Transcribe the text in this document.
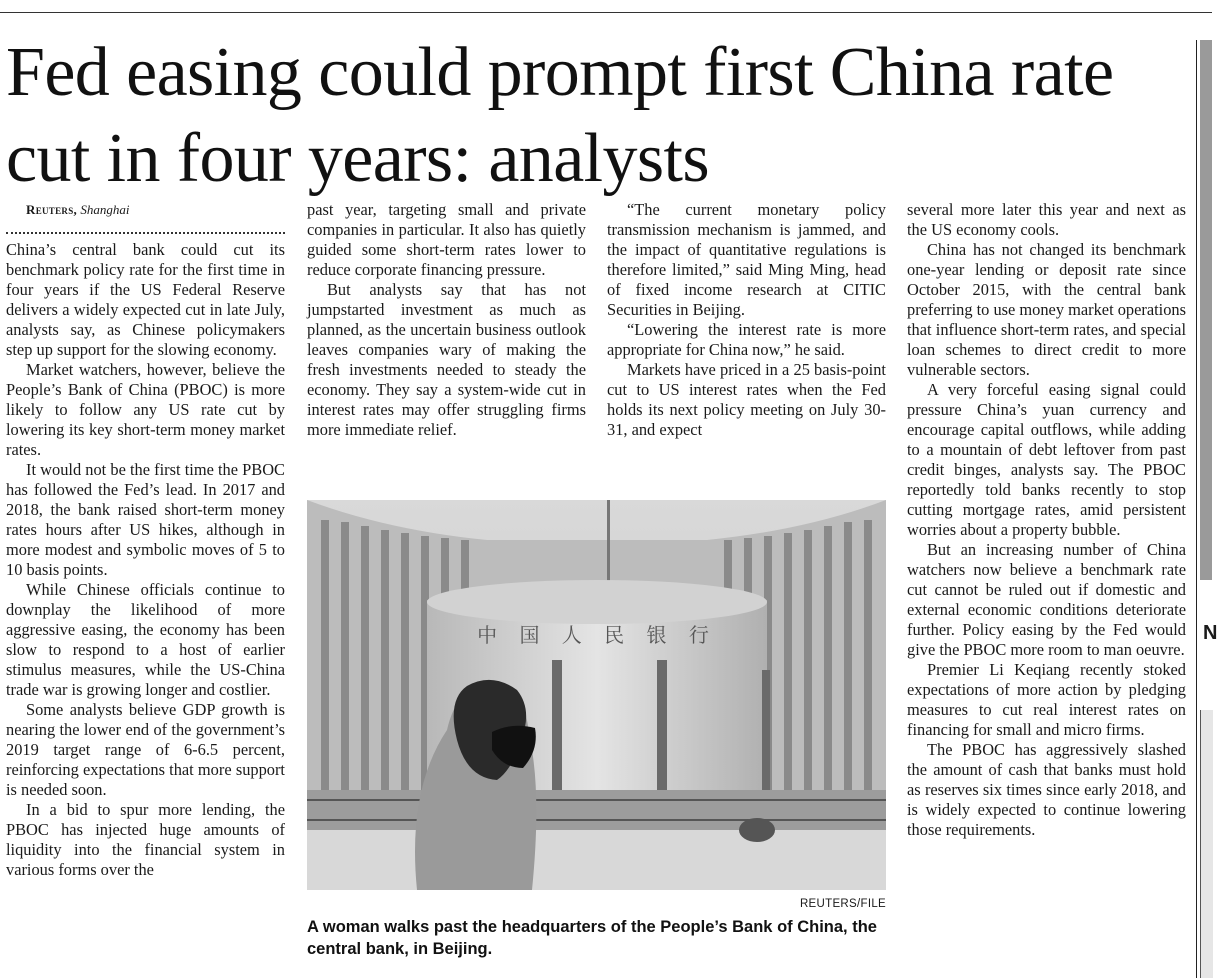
Fed easing could prompt first China rate cut in four years: analysts

Reuters, Shanghai

China’s central bank could cut its benchmark policy rate for the first time in four years if the US Federal Reserve delivers a widely expected cut in late July, analysts say, as Chinese policymakers step up support for the slowing economy.

Market watchers, however, believe the People’s Bank of China (PBOC) is more likely to follow any US rate cut by lowering its key short-term money market rates.

It would not be the first time the PBOC has followed the Fed’s lead. In 2017 and 2018, the bank raised short-term money rates hours after US hikes, although in more modest and symbolic moves of 5 to 10 basis points.

While Chinese officials continue to downplay the likelihood of more aggressive easing, the economy has been slow to respond to a host of earlier stimulus measures, while the US-China trade war is growing longer and costlier.

Some analysts believe GDP growth is nearing the lower end of the government’s 2019 target range of 6-6.5 percent, reinforcing expectations that more support is needed soon.

In a bid to spur more lending, the PBOC has injected huge amounts of liquidity into the financial system in various forms over the

past year, targeting small and private companies in particular. It also has quietly guided some short-term rates lower to reduce corporate financing pressure.

But analysts say that has not jumpstarted investment as much as planned, as the uncertain business outlook leaves companies wary of making the fresh investments needed to steady the economy. They say a system-wide cut in interest rates may offer struggling firms more immediate relief.

“The current monetary policy transmission mechanism is jammed, and the impact of quantitative regulations is therefore limited,” said Ming Ming, head of fixed income research at CITIC Securities in Beijing.

“Lowering the interest rate is more appropriate for China now,” he said.

Markets have priced in a 25 basis-point cut to US interest rates when the Fed holds its next policy meeting on July 30-31, and expect

several more later this year and next as the US economy cools.

China has not changed its benchmark one-year lending or deposit rate since October 2015, with the central bank preferring to use money market operations that influence short-term rates, and special loan schemes to direct credit to more vulnerable sectors.

A very forceful easing signal could pressure China’s yuan currency and encourage capital outflows, while adding to a mountain of debt leftover from past credit binges, analysts say. The PBOC reportedly told banks recently to stop cutting mortgage rates, amid persistent worries about a property bubble.

But an increasing number of China watchers now believe a benchmark rate cut cannot be ruled out if domestic and external economic conditions deteriorate further. Policy easing by the Fed would give the PBOC more room to man oeuvre.

Premier Li Keqiang recently stoked expectations of more action by pledging measures to cut real interest rates on financing for small and micro firms.

The PBOC has aggressively slashed the amount of cash that banks must hold as reserves six times since early 2018, and is widely expected to continue lowering those requirements.

中 国 人 民 银 行
REUTERS/FILE

A woman walks past the headquarters of the People’s Bank of China, the central bank, in Beijing.

N
